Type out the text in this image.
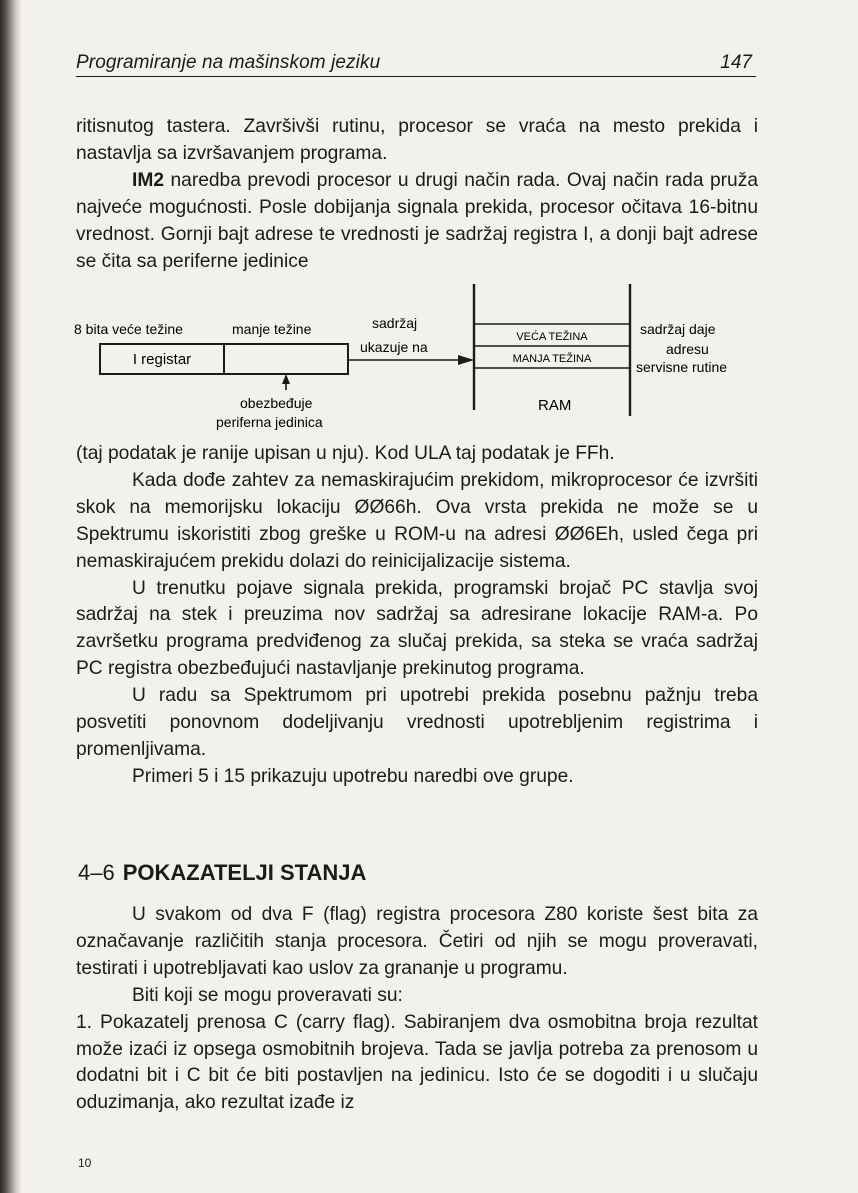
Programiranje na mašinskom jeziku	147

ritisnutog tastera. Završivši rutinu, procesor se vraća na mesto prekida i nastavlja sa izvršavanjem programa.

IM2 naredba prevodi procesor u drugi način rada. Ovaj način rada pruža najveće mogućnosti. Posle dobijanja signala prekida, procesor očitava 16-bitnu vrednost. Gornji bajt adrese te vrednosti je sadržaj registra I, a donji bajt adrese se čita sa periferne jedinice

8 bita veće težine	manje težine
I registar
sadržaj
ukazuje na
obezbeđuje
periferna jedinica
VEĆA TEŽINA
MANJA TEŽINA
RAM
sadržaj daje
adresu
servisne rutine

(taj podatak je ranije upisan u nju). Kod ULA taj podatak je FFh.

Kada dođe zahtev za nemaskirajućim prekidom, mikroprocesor će izvršiti skok na memorijsku lokaciju ØØ66h. Ova vrsta prekida ne može se u Spektrumu iskoristiti zbog greške u ROM-u na adresi ØØ6Eh, usled čega pri nemaskirajućem prekidu dolazi do reinicijalizacije sistema.

U trenutku pojave signala prekida, programski brojač PC stavlja svoj sadržaj na stek i preuzima nov sadržaj sa adresirane lokacije RAM-a. Po završetku programa predviđenog za slučaj prekida, sa steka se vraća sadržaj PC registra obezbeđujući nastavljanje prekinutog programa.

U radu sa Spektrumom pri upotrebi prekida posebnu pažnju treba posvetiti ponovnom dodeljivanju vrednosti upotrebljenim registrima i promenljivama.

Primeri 5 i 15 prikazuju upotrebu naredbi ove grupe.

4–6 POKAZATELJI STANJA

U svakom od dva F (flag) registra procesora Z80 koriste šest bita za označavanje različitih stanja procesora. Četiri od njih se mogu proveravati, testirati i upotrebljavati kao uslov za grananje u programu.

Biti koji se mogu proveravati su:

1. Pokazatelj prenosa C (carry flag). Sabiranjem dva osmobitna broja rezultat može izaći iz opsega osmobitnih brojeva. Tada se javlja potreba za prenosom u dodatni bit i C bit će biti postavljen na jedinicu. Isto će se dogoditi i u slučaju oduzimanja, ako rezultat izađe iz

10
